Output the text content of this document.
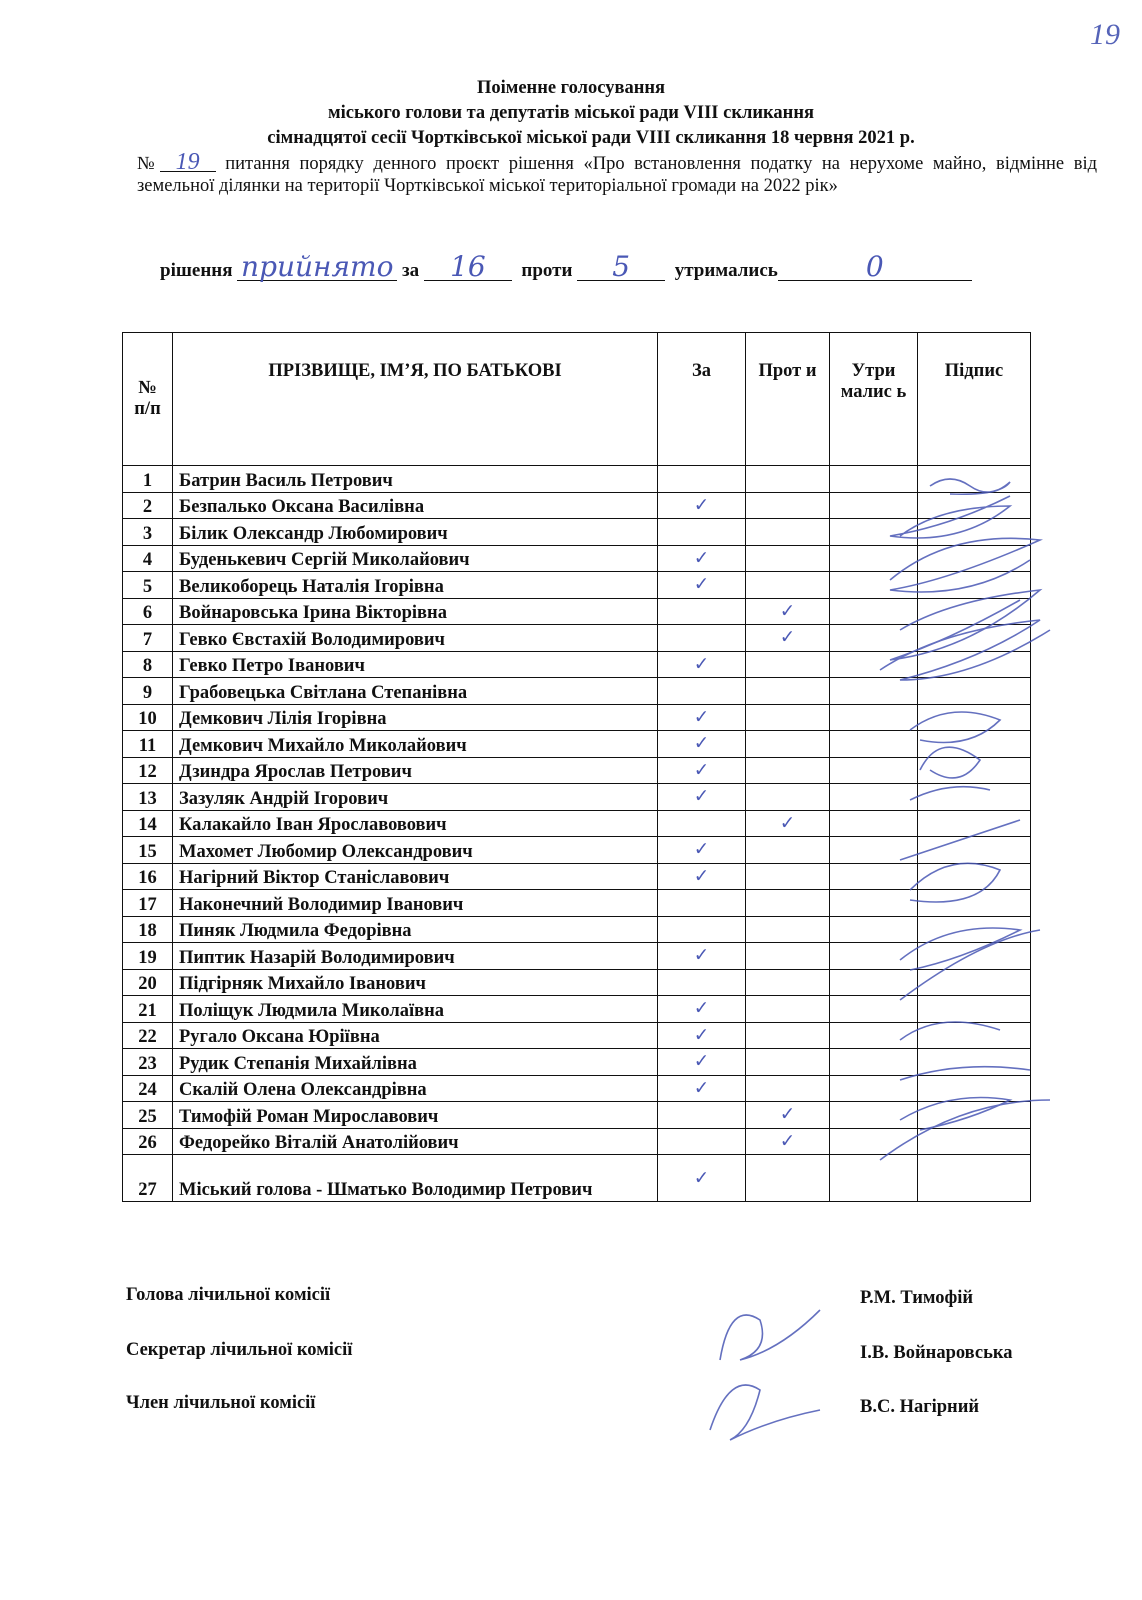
19
Поіменне голосування
міського голови та депутатів міської ради VIII скликання
сімнадцятої сесії Чортківської міської ради VIII скликання 18 червня 2021 р.
№ 19 питання порядку денного проєкт рішення «Про встановлення податку на нерухоме майно, відмінне від земельної ділянки на території Чортківської міської територіальної громади на 2022 рік»
рішення прийнято за 16 проти 5 утримались	0
№ п/п	ПРІЗВИЩЕ, ІМ’Я, ПО БАТЬКОВІ	За	Прот и	Утри малис ь	Підпис
1	Батрин Василь Петрович				
2	Безпалько Оксана Василівна	✓			
3	Білик Олександр Любомирович				
4	Буденькевич Сергій Миколайович	✓			
5	Великоборець Наталія Ігорівна	✓			
6	Войнаровська Ірина Вікторівна		✓		
7	Гевко Євстахій Володимирович		✓		
8	Гевко Петро Іванович	✓			
9	Грабовецька Світлана Степанівна				
10	Демкович Лілія Ігорівна	✓			
11	Демкович Михайло Миколайович	✓			
12	Дзиндра Ярослав Петрович	✓			
13	Зазуляк Андрій Ігорович	✓			
14	Калакайло Іван Ярославовович		✓		
15	Махомет Любомир Олександрович	✓			
16	Нагірний Віктор Станіславович	✓			
17	Наконечний Володимир Іванович				
18	Пиняк Людмила Федорівна				
19	Пиптик Назарій Володимирович	✓			
20	Підгірняк Михайло Іванович				
21	Поліщук Людмила Миколаївна	✓			
22	Ругало Оксана Юріївна	✓			
23	Рудик Степанія Михайлівна	✓			
24	Скалій Олена Олександрівна	✓			
25	Тимофій Роман Мирославович		✓		
26	Федорейко Віталій Анатолійович		✓		
27	Міський голова - Шматько Володимир Петрович	✓			
Голова лічильної комісії	Р.М. Тимофій
Секретар лічильної комісії	І.В. Войнаровська
Член лічильної комісії	В.С. Нагірний
